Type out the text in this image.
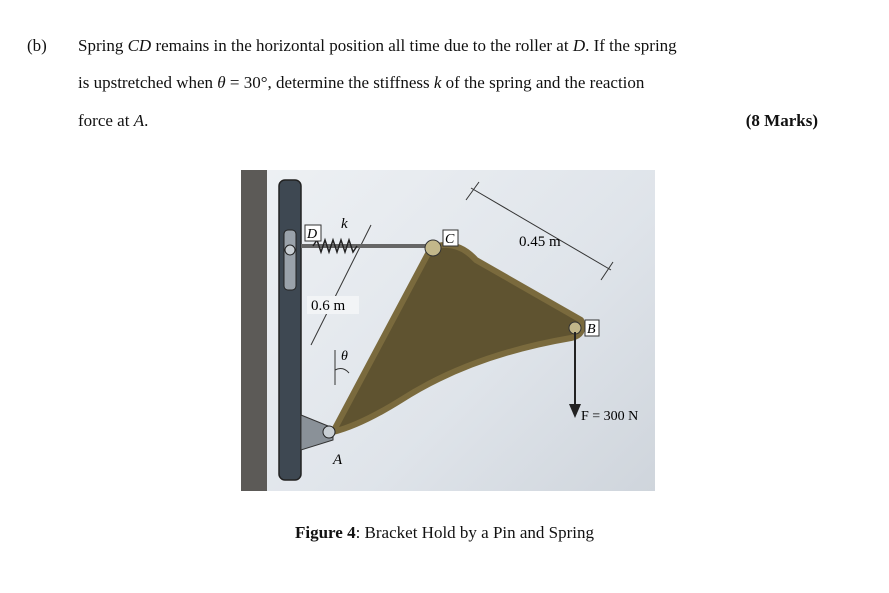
(b) Spring CD remains in the horizontal position all time due to the roller at D. If the spring
is upstretched when θ = 30°, determine the stiffness k of the spring and the reaction
force at A.	(8 Marks)
D
k
C	0.45 m
0.6 m
θ
B
A
F = 300 N
Figure 4: Bracket Hold by a Pin and Spring
